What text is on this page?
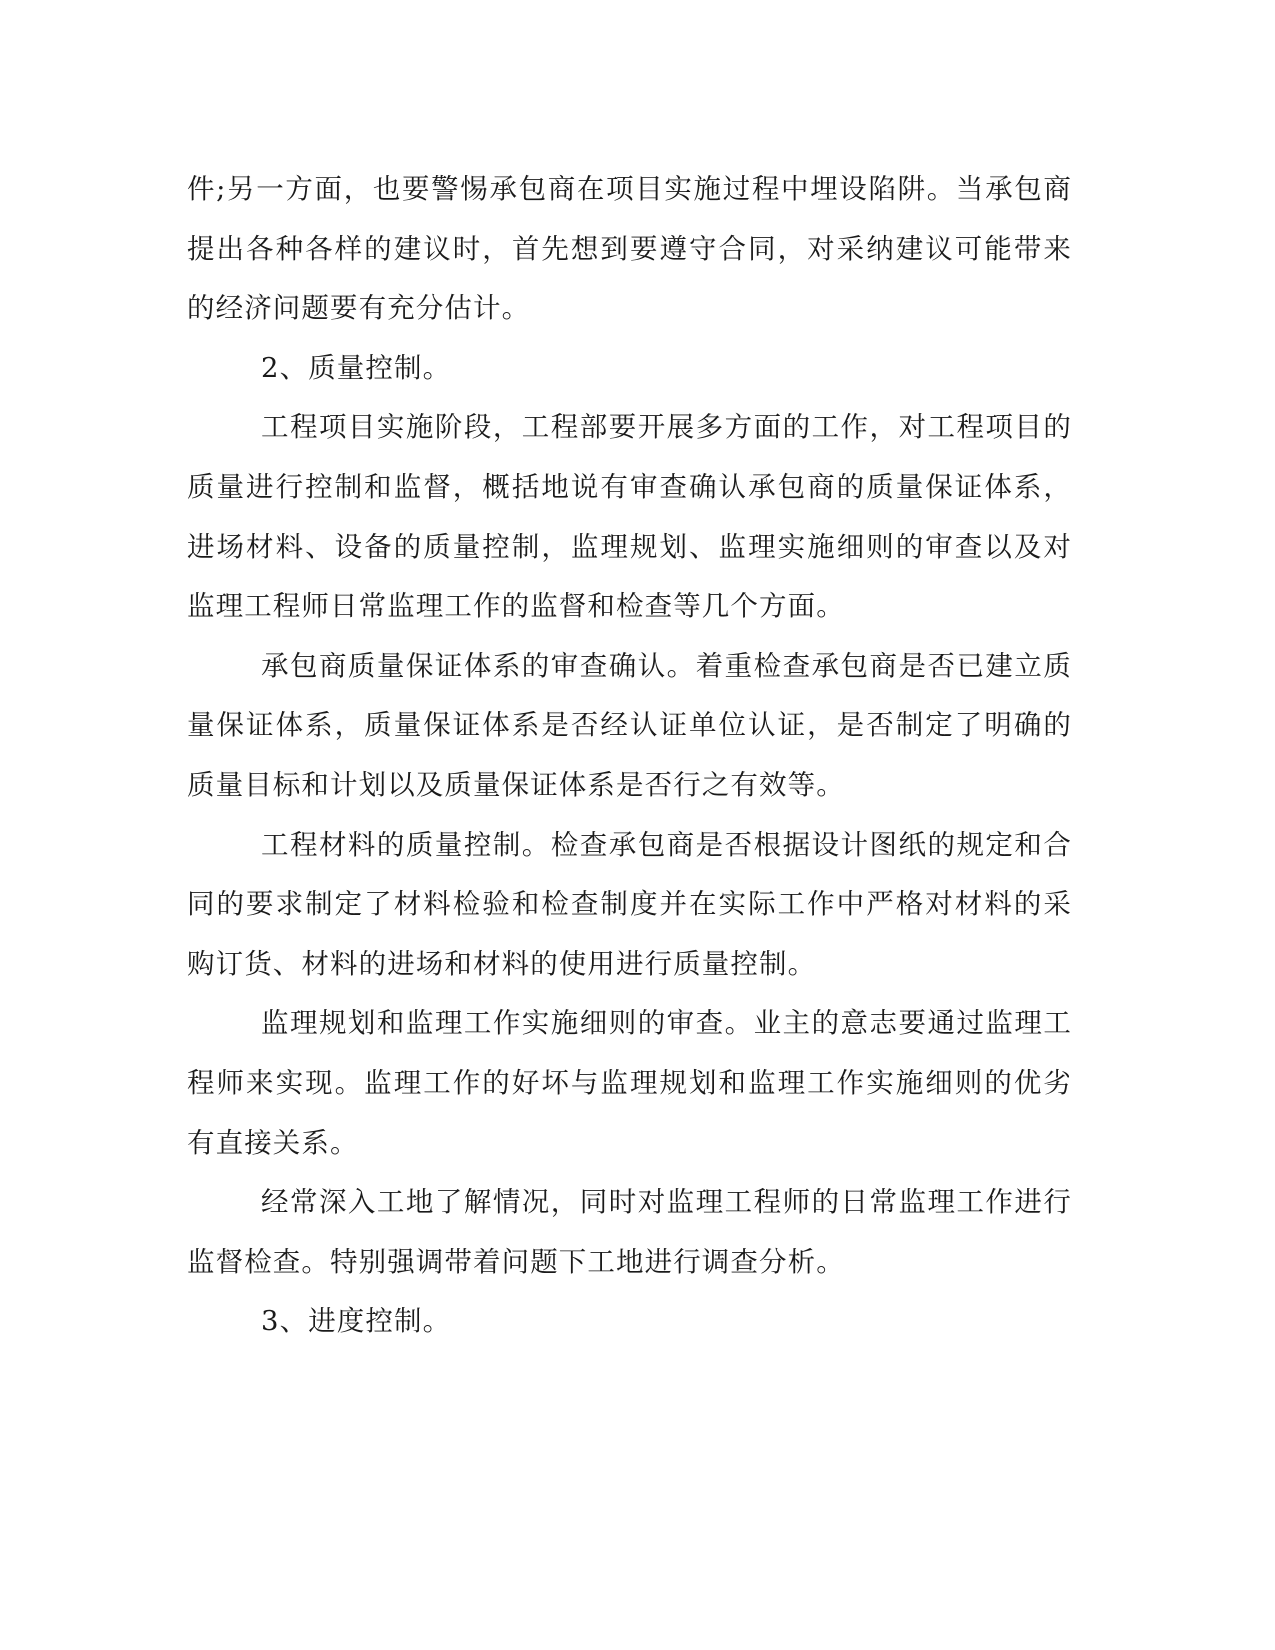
件;另一方面，也要警惕承包商在项目实施过程中埋设陷阱。当承包商提出各种各样的建议时，首先想到要遵守合同，对采纳建议可能带来的经济问题要有充分估计。

2、质量控制。

工程项目实施阶段，工程部要开展多方面的工作，对工程项目的质量进行控制和监督，概括地说有审查确认承包商的质量保证体系，进场材料、设备的质量控制，监理规划、监理实施细则的审查以及对监理工程师日常监理工作的监督和检查等几个方面。

承包商质量保证体系的审查确认。着重检查承包商是否已建立质量保证体系，质量保证体系是否经认证单位认证，是否制定了明确的质量目标和计划以及质量保证体系是否行之有效等。

工程材料的质量控制。检查承包商是否根据设计图纸的规定和合同的要求制定了材料检验和检查制度并在实际工作中严格对材料的采购订货、材料的进场和材料的使用进行质量控制。

监理规划和监理工作实施细则的审查。业主的意志要通过监理工程师来实现。监理工作的好坏与监理规划和监理工作实施细则的优劣有直接关系。

经常深入工地了解情况，同时对监理工程师的日常监理工作进行监督检查。特别强调带着问题下工地进行调查分析。

3、进度控制。
